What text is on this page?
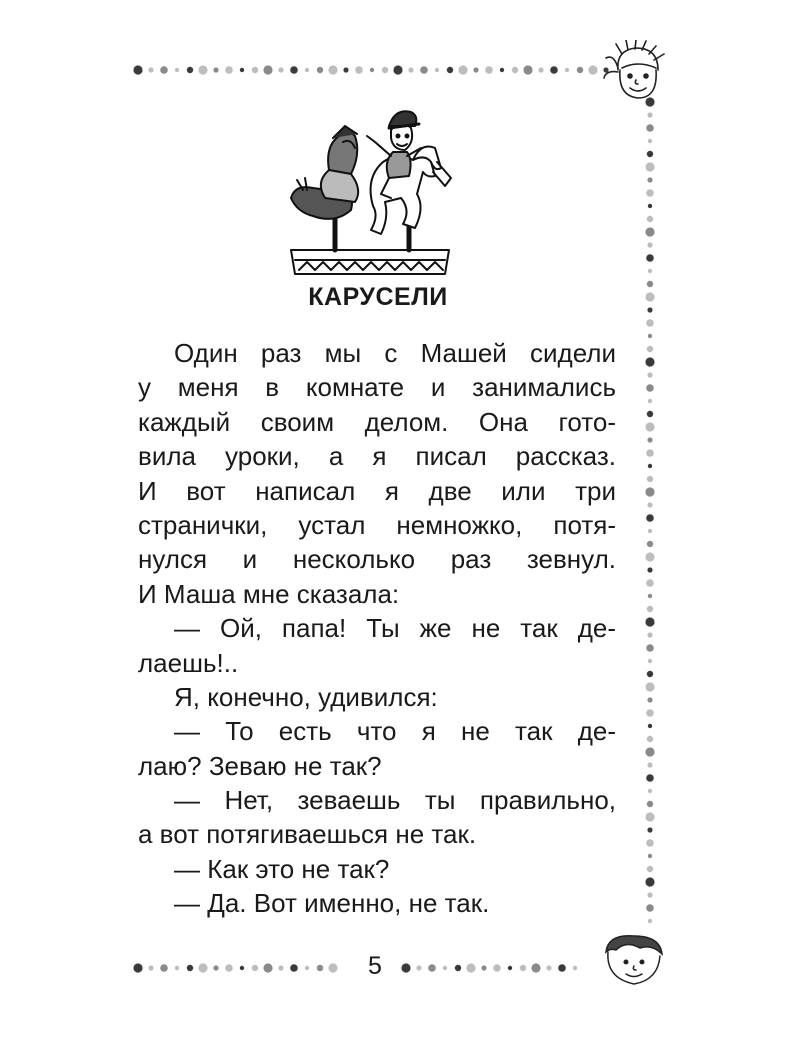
КАРУСЕЛИ
Один раз мы с Машей сидели
у меня в комнате и занимались
каждый своим делом. Она гото-
вила уроки, а я писал рассказ.
И вот написал я две или три
странички, устал немножко, потя-
нулся и несколько раз зевнул.
И Маша мне сказала:
— Ой, папа! Ты же не так де-
лаешь!..
Я, конечно, удивился:
— То есть что я не так де-
лаю? Зеваю не так?
— Нет, зеваешь ты правильно,
а вот потягиваешься не так.
— Как это не так?
— Да. Вот именно, не так.
5
